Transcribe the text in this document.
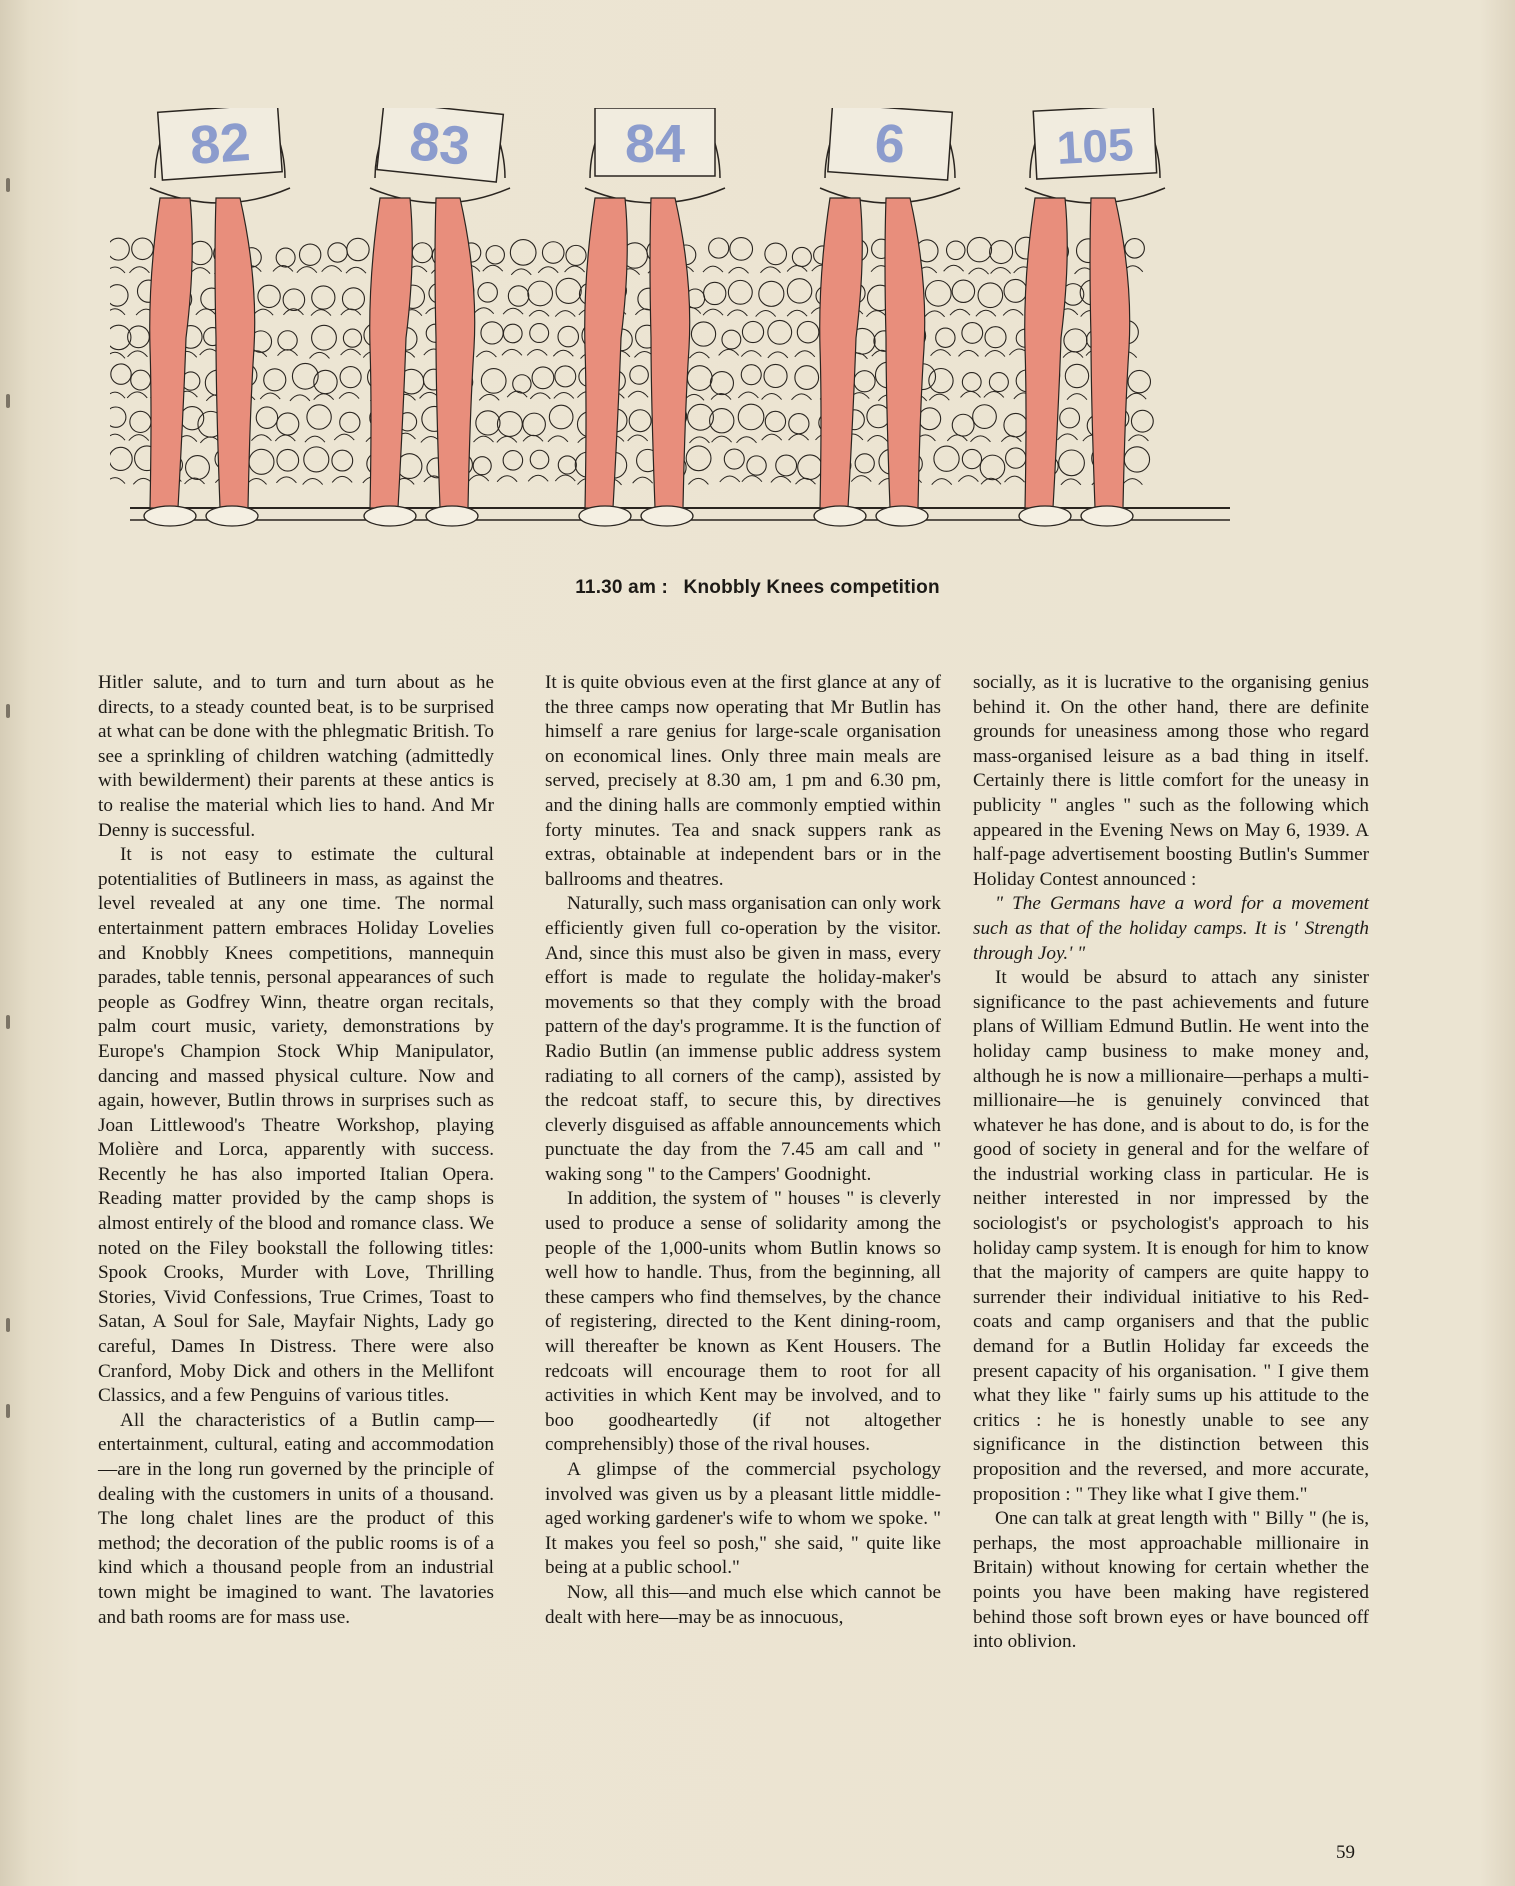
82	83	84	6	105
11.30 am : Knobbly Knees competition

Hitler salute, and to turn and turn about as he directs, to a steady counted beat, is to be surprised at what can be done with the phlegmatic British. To see a sprinkling of children watching (admittedly with bewilderment) their parents at these antics is to realise the material which lies to hand. And Mr Denny is successful.

It is not easy to estimate the cultural potentialities of Butlineers in mass, as against the level revealed at any one time. The normal entertainment pattern embraces Holiday Lovelies and Knobbly Knees competitions, mannequin parades, table tennis, personal appearances of such people as Godfrey Winn, theatre organ recitals, palm court music, variety, demonstrations by Europe's Champion Stock Whip Manipulator, dancing and massed physical culture. Now and again, however, Butlin throws in surprises such as Joan Littlewood's Theatre Workshop, playing Molière and Lorca, apparently with success. Recently he has also imported Italian Opera. Reading matter provided by the camp shops is almost entirely of the blood and romance class. We noted on the Filey bookstall the following titles: Spook Crooks, Murder with Love, Thrilling Stories, Vivid Confessions, True Crimes, Toast to Satan, A Soul for Sale, Mayfair Nights, Lady go careful, Dames In Distress. There were also Cranford, Moby Dick and others in the Mellifont Classics, and a few Penguins of various titles.

All the characteristics of a Butlin camp—entertainment, cultural, eating and accommodation—are in the long run governed by the principle of dealing with the customers in units of a thousand. The long chalet lines are the product of this method; the decoration of the public rooms is of a kind which a thousand people from an industrial town might be imagined to want. The lavatories and bath rooms are for mass use.

It is quite obvious even at the first glance at any of the three camps now operating that Mr Butlin has himself a rare genius for large-scale organisation on economical lines. Only three main meals are served, precisely at 8.30 am, 1 pm and 6.30 pm, and the dining halls are commonly emptied within forty minutes. Tea and snack suppers rank as extras, obtainable at independent bars or in the ballrooms and theatres.

Naturally, such mass organisation can only work efficiently given full co-operation by the visitor. And, since this must also be given in mass, every effort is made to regulate the holiday-maker's movements so that they comply with the broad pattern of the day's programme. It is the function of Radio Butlin (an immense public address system radiating to all corners of the camp), assisted by the redcoat staff, to secure this, by directives cleverly disguised as affable announcements which punctuate the day from the 7.45 am call and " waking song " to the Campers' Goodnight.

In addition, the system of " houses " is cleverly used to produce a sense of solidarity among the people of the 1,000-units whom Butlin knows so well how to handle. Thus, from the beginning, all these campers who find themselves, by the chance of registering, directed to the Kent dining-room, will thereafter be known as Kent Housers. The redcoats will encourage them to root for all activities in which Kent may be involved, and to boo goodheartedly (if not altogether comprehensibly) those of the rival houses.

A glimpse of the commercial psychology involved was given us by a pleasant little middle-aged working gardener's wife to whom we spoke. " It makes you feel so posh," she said, " quite like being at a public school."

Now, all this—and much else which cannot be dealt with here—may be as innocuous,

socially, as it is lucrative to the organising genius behind it. On the other hand, there are definite grounds for uneasiness among those who regard mass-organised leisure as a bad thing in itself. Certainly there is little comfort for the uneasy in publicity " angles " such as the following which appeared in the Evening News on May 6, 1939. A half-page advertisement boosting Butlin's Summer Holiday Contest announced :

" The Germans have a word for a movement such as that of the holiday camps. It is ' Strength through Joy.' "

It would be absurd to attach any sinister significance to the past achievements and future plans of William Edmund Butlin. He went into the holiday camp business to make money and, although he is now a millionaire—perhaps a multi-millionaire—he is genuinely convinced that whatever he has done, and is about to do, is for the good of society in general and for the welfare of the industrial working class in particular. He is neither interested in nor impressed by the sociologist's or psychologist's approach to his holiday camp system. It is enough for him to know that the majority of campers are quite happy to surrender their individual initiative to his Red-coats and camp organisers and that the public demand for a Butlin Holiday far exceeds the present capacity of his organisation. " I give them what they like " fairly sums up his attitude to the critics : he is honestly unable to see any significance in the distinction between this proposition and the reversed, and more accurate, proposition : " They like what I give them."

One can talk at great length with " Billy " (he is, perhaps, the most approachable millionaire in Britain) without knowing for certain whether the points you have been making have registered behind those soft brown eyes or have bounced off into oblivion.

59
